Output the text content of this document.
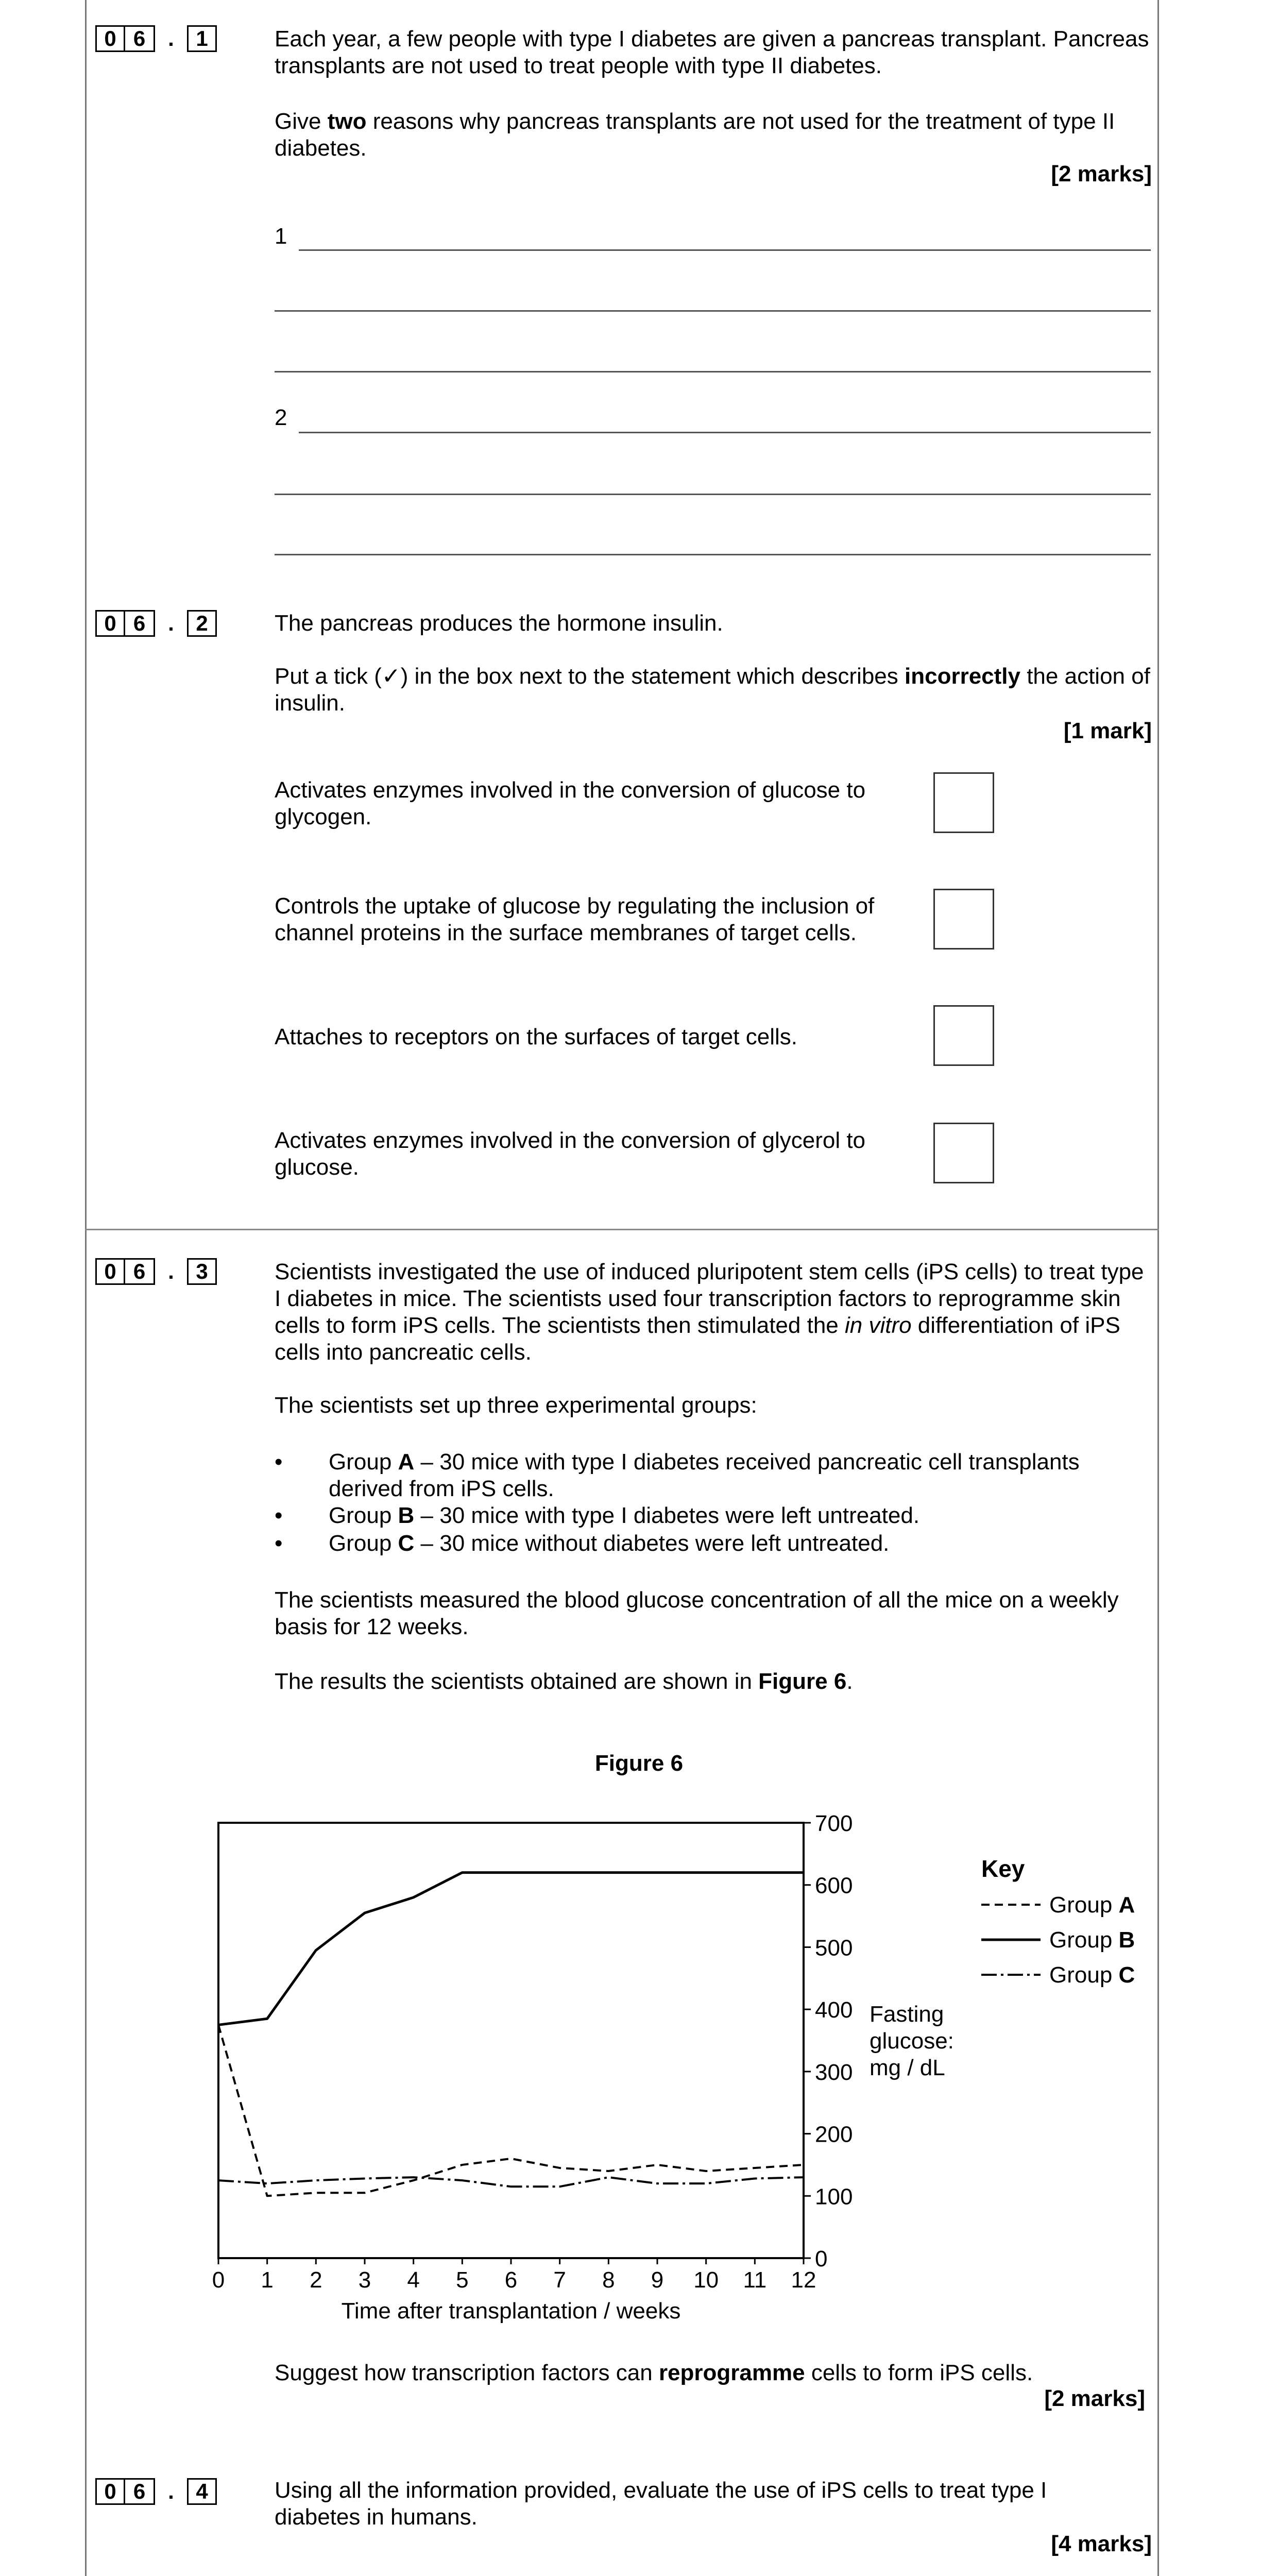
0 6	.	1	Each year, a few people with type I diabetes are given a pancreas transplant. Pancreas transplants are not used to treat people with type II diabetes.
Give two reasons why pancreas transplants are not used for the treatment of type II diabetes.
[2 marks]
1
2
0 6	.	2	The pancreas produces the hormone insulin.
Put a tick (✓) in the box next to the statement which describes incorrectly the action of insulin.
[1 mark]
Activates enzymes involved in the conversion of glucose to glycogen.
Controls the uptake of glucose by regulating the inclusion of channel proteins in the surface membranes of target cells.
Attaches to receptors on the surfaces of target cells.
Activates enzymes involved in the conversion of glycerol to glucose.
0 6	.	3	Scientists investigated the use of induced pluripotent stem cells (iPS cells) to treat type I diabetes in mice. The scientists used four transcription factors to reprogramme skin cells to form iPS cells. The scientists then stimulated the in vitro differentiation of iPS cells into pancreatic cells.
The scientists set up three experimental groups:
• Group A – 30 mice with type I diabetes received pancreatic cell transplants derived from iPS cells.
• Group B – 30 mice with type I diabetes were left untreated.
• Group C – 30 mice without diabetes were left untreated.
The scientists measured the blood glucose concentration of all the mice on a weekly basis for 12 weeks.
The results the scientists obtained are shown in Figure 6.
Figure 6
0 1 2 3 4 5 6 7 8 9 10 11 12
0
100
200
300
400
500
600
700
Time after transplantation / weeks
Fasting
glucose:
mg / dL
Key
Group A
Group B
Group C
Suggest how transcription factors can reprogramme cells to form iPS cells.
[2 marks]
0 6	.	4	Using all the information provided, evaluate the use of iPS cells to treat type I diabetes in humans.
[4 marks]
